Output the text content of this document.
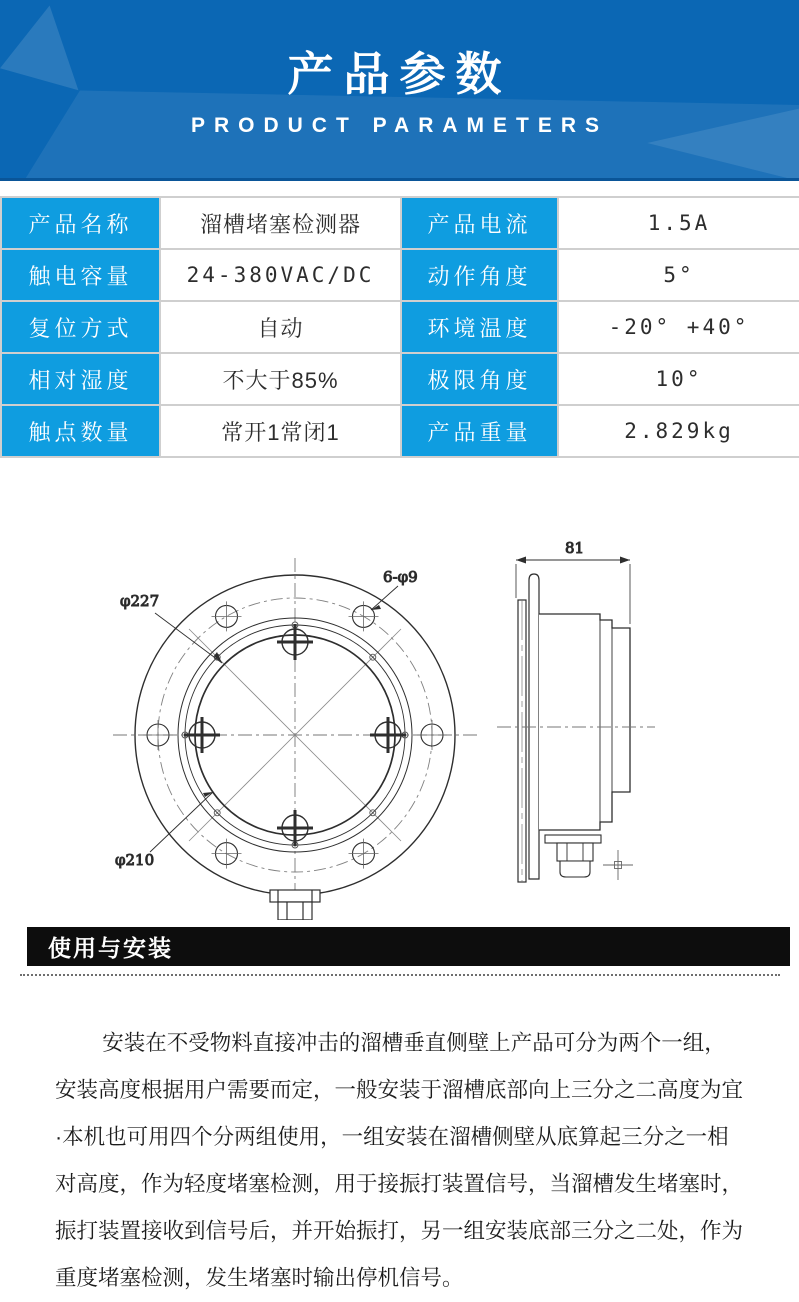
产品参数
PRODUCT PARAMETERS
产品名称	溜槽堵塞检测器	产品电流	1.5A
触电容量	24-380VAC/DC	动作角度	5°
复位方式	自动	环境温度	-20° +40°
相对湿度	不大于85%	极限角度	10°
触点数量	常开1常闭1	产品重量	2.829kg
φ227
6-φ9
φ210
81
使用与安装

安装在不受物料直接冲击的溜槽垂直侧壁上产品可分为两个一组，安装高度根据用户需要而定，一般安装于溜槽底部向上三分之二高度为宜

·本机也可用四个分两组使用，一组安装在溜槽侧壁从底算起三分之一相对高度，作为轻度堵塞检测，用于接振打装置信号，当溜槽发生堵塞时，振打装置接收到信号后，并开始振打，另一组安装底部三分之二处，作为重度堵塞检测，发生堵塞时输出停机信号。
